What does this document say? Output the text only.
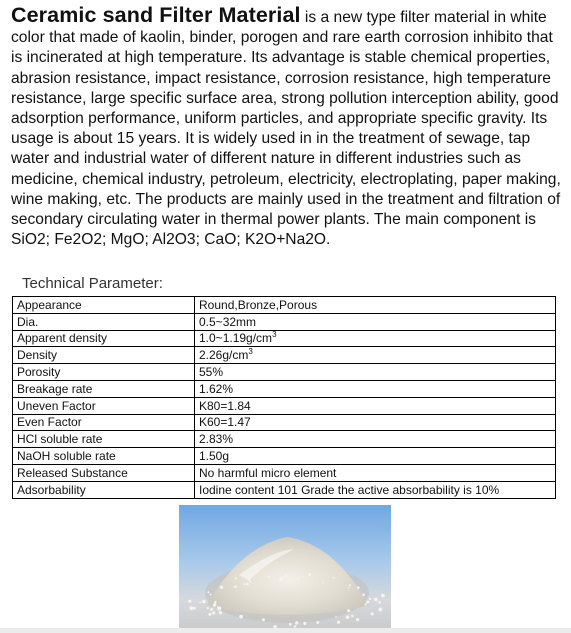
Ceramic sand Filter Material is a new type filter material in white color that made of kaolin, binder, porogen and rare earth corrosion inhibito that is incinerated at high temperature. Its advantage is stable chemical properties, abrasion resistance, impact resistance, corrosion resistance, high temperature resistance, large specific surface area, strong pollution interception ability, good adsorption performance, uniform particles, and appropriate specific gravity. Its usage is about 15 years. It is widely used in in the treatment of sewage, tap water and industrial water of different nature in different industries such as medicine, chemical industry, petroleum, electricity, electroplating, paper making, wine making, etc. The products are mainly used in the treatment and filtration of secondary circulating water in thermal power plants. The main component is SiO2; Fe2O2; MgO; Al2O3; CaO; K2O+Na2O.

Technical Parameter:

Appearance	Round,Bronze,Porous
Dia.	0.5~32mm
Apparent density	$1.0\sim 1.19g/cm^3$
Density	$2.26g/cm^3$
Porosity	55%
Breakage rate	1.62%
Uneven Factor	K80=1.84
Even Factor	K60=1.47
HCl soluble rate	2.83%
NaOH soluble rate	1.50g
Released Substance	No harmful micro element
Adsorbability	Iodine content 101 Grade the active absorbability is 10%
